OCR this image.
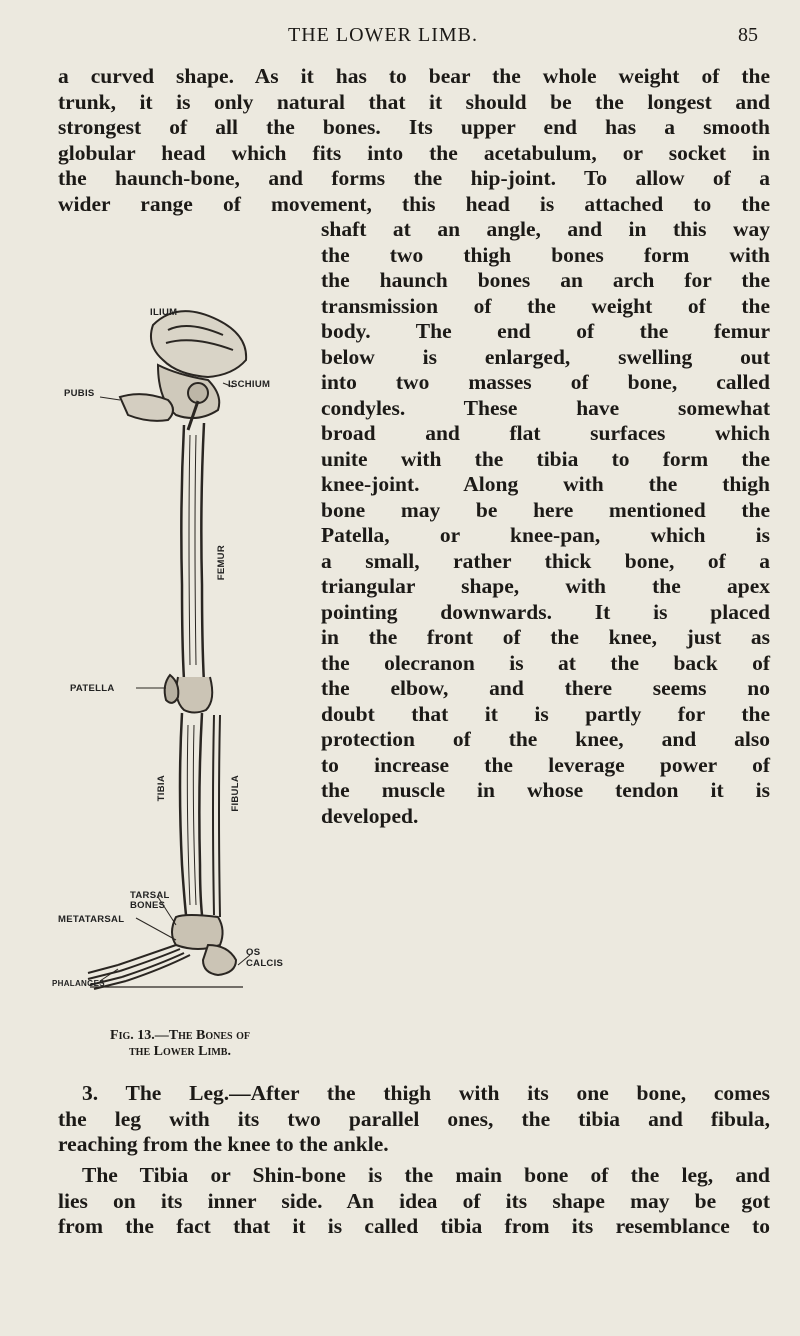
THE LOWER LIMB.	85
a curved shape. As it has to bear the whole weight of the
trunk, it is only natural that it should be the longest and
strongest of all the bones. Its upper end has a smooth
globular head which fits into the acetabulum, or socket in
the haunch-bone, and forms the hip-joint. To allow of a
wider range of movement, this head is attached to the
shaft at an angle, and in this way
the two thigh bones form with
the haunch bones an arch for the
transmission of the weight of the
body. The end of the femur
below is enlarged, swelling out
into two masses of bone, called
condyles. These have somewhat
broad and flat surfaces which
unite with the tibia to form the
knee-joint. Along with the thigh
bone may be here mentioned the
Patella, or knee-pan, which is
a small, rather thick bone, of a
triangular shape, with the apex
pointing downwards. It is placed
in the front of the knee, just as
the olecranon is at the back of
the elbow, and there seems no
doubt that it is partly for the
protection of the knee, and also
to increase the leverage power of
the muscle in whose tendon it is
developed.
ILIUM
PUBIS
ISCHIUM
FEMUR
PATELLA
TIBIA	FIBULA
TARSAL BONES
METATARSAL
PHALANGES
OS CALCIS
Fig. 13.—The Bones of
the Lower Limb.
3. The Leg.—After the thigh with its one bone, comes
the leg with its two parallel ones, the tibia and fibula,
reaching from the knee to the ankle.
The Tibia or Shin-bone is the main bone of the leg, and
lies on its inner side. An idea of its shape may be got
from the fact that it is called tibia from its resemblance to
